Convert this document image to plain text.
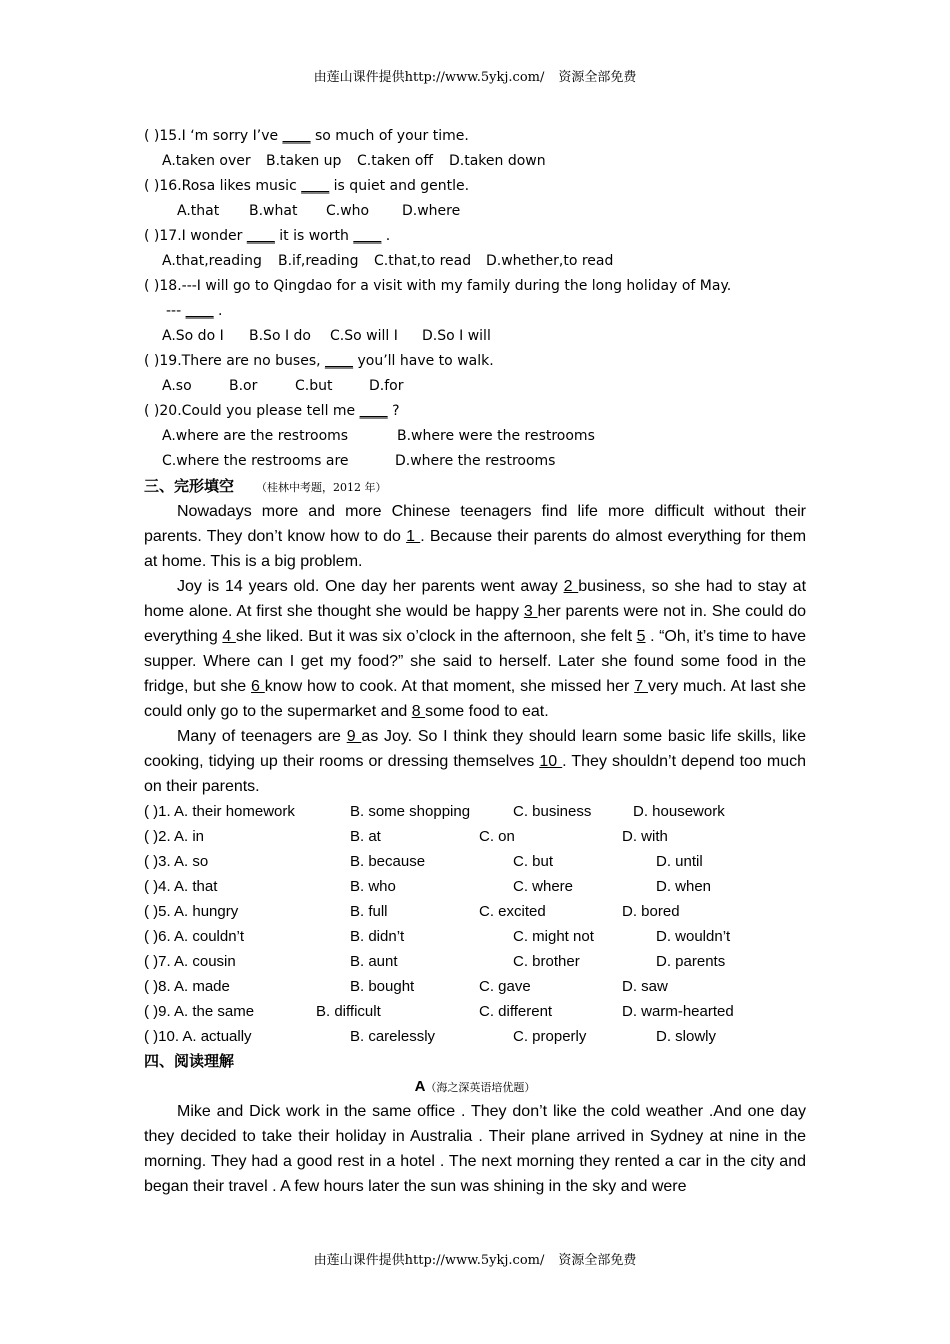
由莲山课件提供http://www.5ykj.com/ 资源全部免费
( )15.I ‘m sorry I’ve ____ so much of your time.
A.taken over B.taken up C.taken off D.taken down
( )16.Rosa likes music ____ is quiet and gentle.
A.that B.what C.who D.where
( )17.I wonder ____ it is worth ____ .
A.that,reading B.if,reading C.that,to read D.whether,to read
( )18.---I will go to Qingdao for a visit with my family during the long holiday of May.
--- ____ .
A.So do I B.So I do C.So will I D.So I will
( )19.There are no buses, ____ you’ll have to walk.
A.so	B.or	C.but	D.for
( )20.Could you please tell me ____ ?
A.where are the restrooms	B.where were the restrooms
C.where the restrooms are	D.where the restrooms
三、完形填空 （桂林中考题，2012 年）

Nowadays more and more Chinese teenagers find life more difficult without their parents. They don’t know how to do 1 . Because their parents do almost everything for them at home. This is a big problem.

Joy is 14 years old. One day her parents went away 2 business, so she had to stay at home alone. At first she thought she would be happy 3 her parents were not in. She could do everything 4 she liked. But it was six o’clock in the afternoon, she felt 5 . “Oh, it’s time to have supper. Where can I get my food?” she said to herself. Later she found some food in the fridge, but she 6 know how to cook. At that moment, she missed her 7 very much. At last she could only go to the supermarket and 8 some food to eat.

Many of teenagers are 9 as Joy. So I think they should learn some basic life skills, like cooking, tidying up their rooms or dressing themselves 10 . They shouldn’t depend too much on their parents.

( )1. A. their homework	B. some shopping	C. business	D. housework
( )2. A. in	B. at	C. on	D. with
( )3. A. so	B. because	C. but	D. until
( )4. A. that	B. who	C. where	D. when
( )5. A. hungry	B. full	C. excited	D. bored
( )6. A. couldn’t	B. didn’t	C. might not	D. wouldn’t
( )7. A. cousin	B. aunt	C. brother	D. parents
( )8. A. made	B. bought	C. gave	D. saw
( )9. A. the same	B. difficult	C. different	D. warm-hearted
( )10. A. actually	B. carelessly	C. properly	D. slowly
四、阅读理解
A（海之深英语培优题）

Mike and Dick work in the same office . They don’t like the cold weather .And one day they decided to take their holiday in Australia . Their plane arrived in Sydney at nine in the morning. They had a good rest in a hotel . The next morning they rented a car in the city and began their travel . A few hours later the sun was shining in the sky and were

由莲山课件提供http://www.5ykj.com/ 资源全部免费
